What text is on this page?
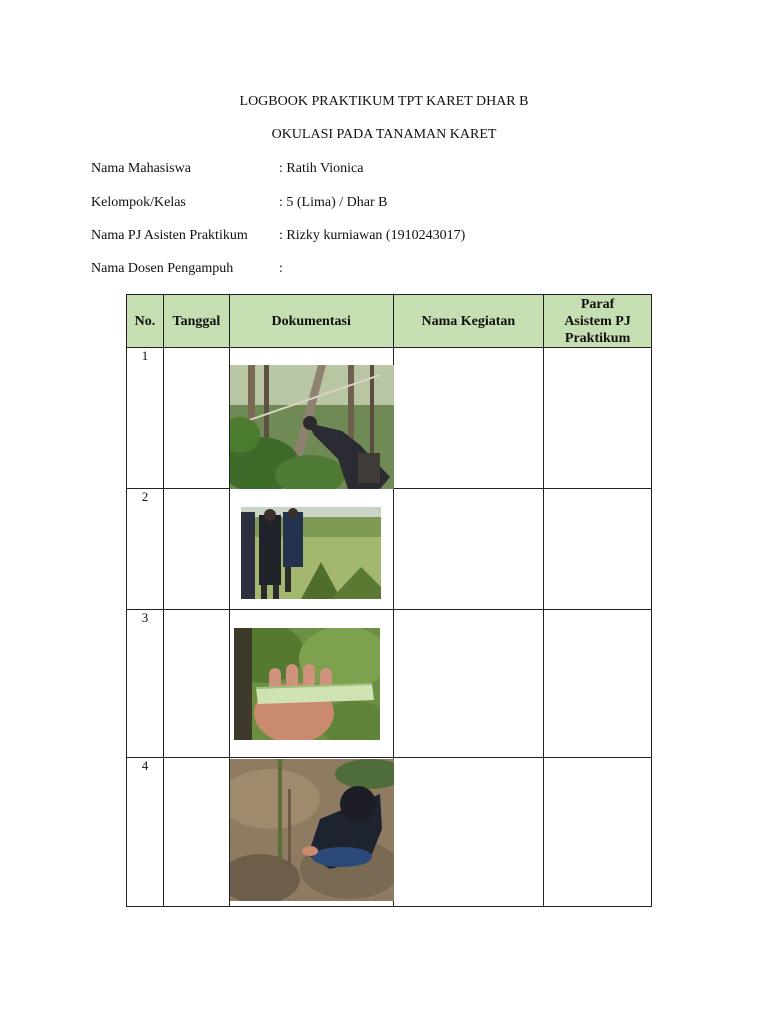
LOGBOOK PRAKTIKUM TPT KARET DHAR B
OKULASI PADA TANAMAN KARET
Nama Mahasiswa	: Ratih Vionica
Kelompok/Kelas	: 5 (Lima) / Dhar B
Nama PJ Asisten Praktikum : Rizky kurniawan (1910243017)
Nama Dosen Pengampuh	:
No.	Tanggal	Dokumentasi	Nama Kegiatan	Paraf
Asistem PJ
Praktikum

1		

2		

3		

4		
